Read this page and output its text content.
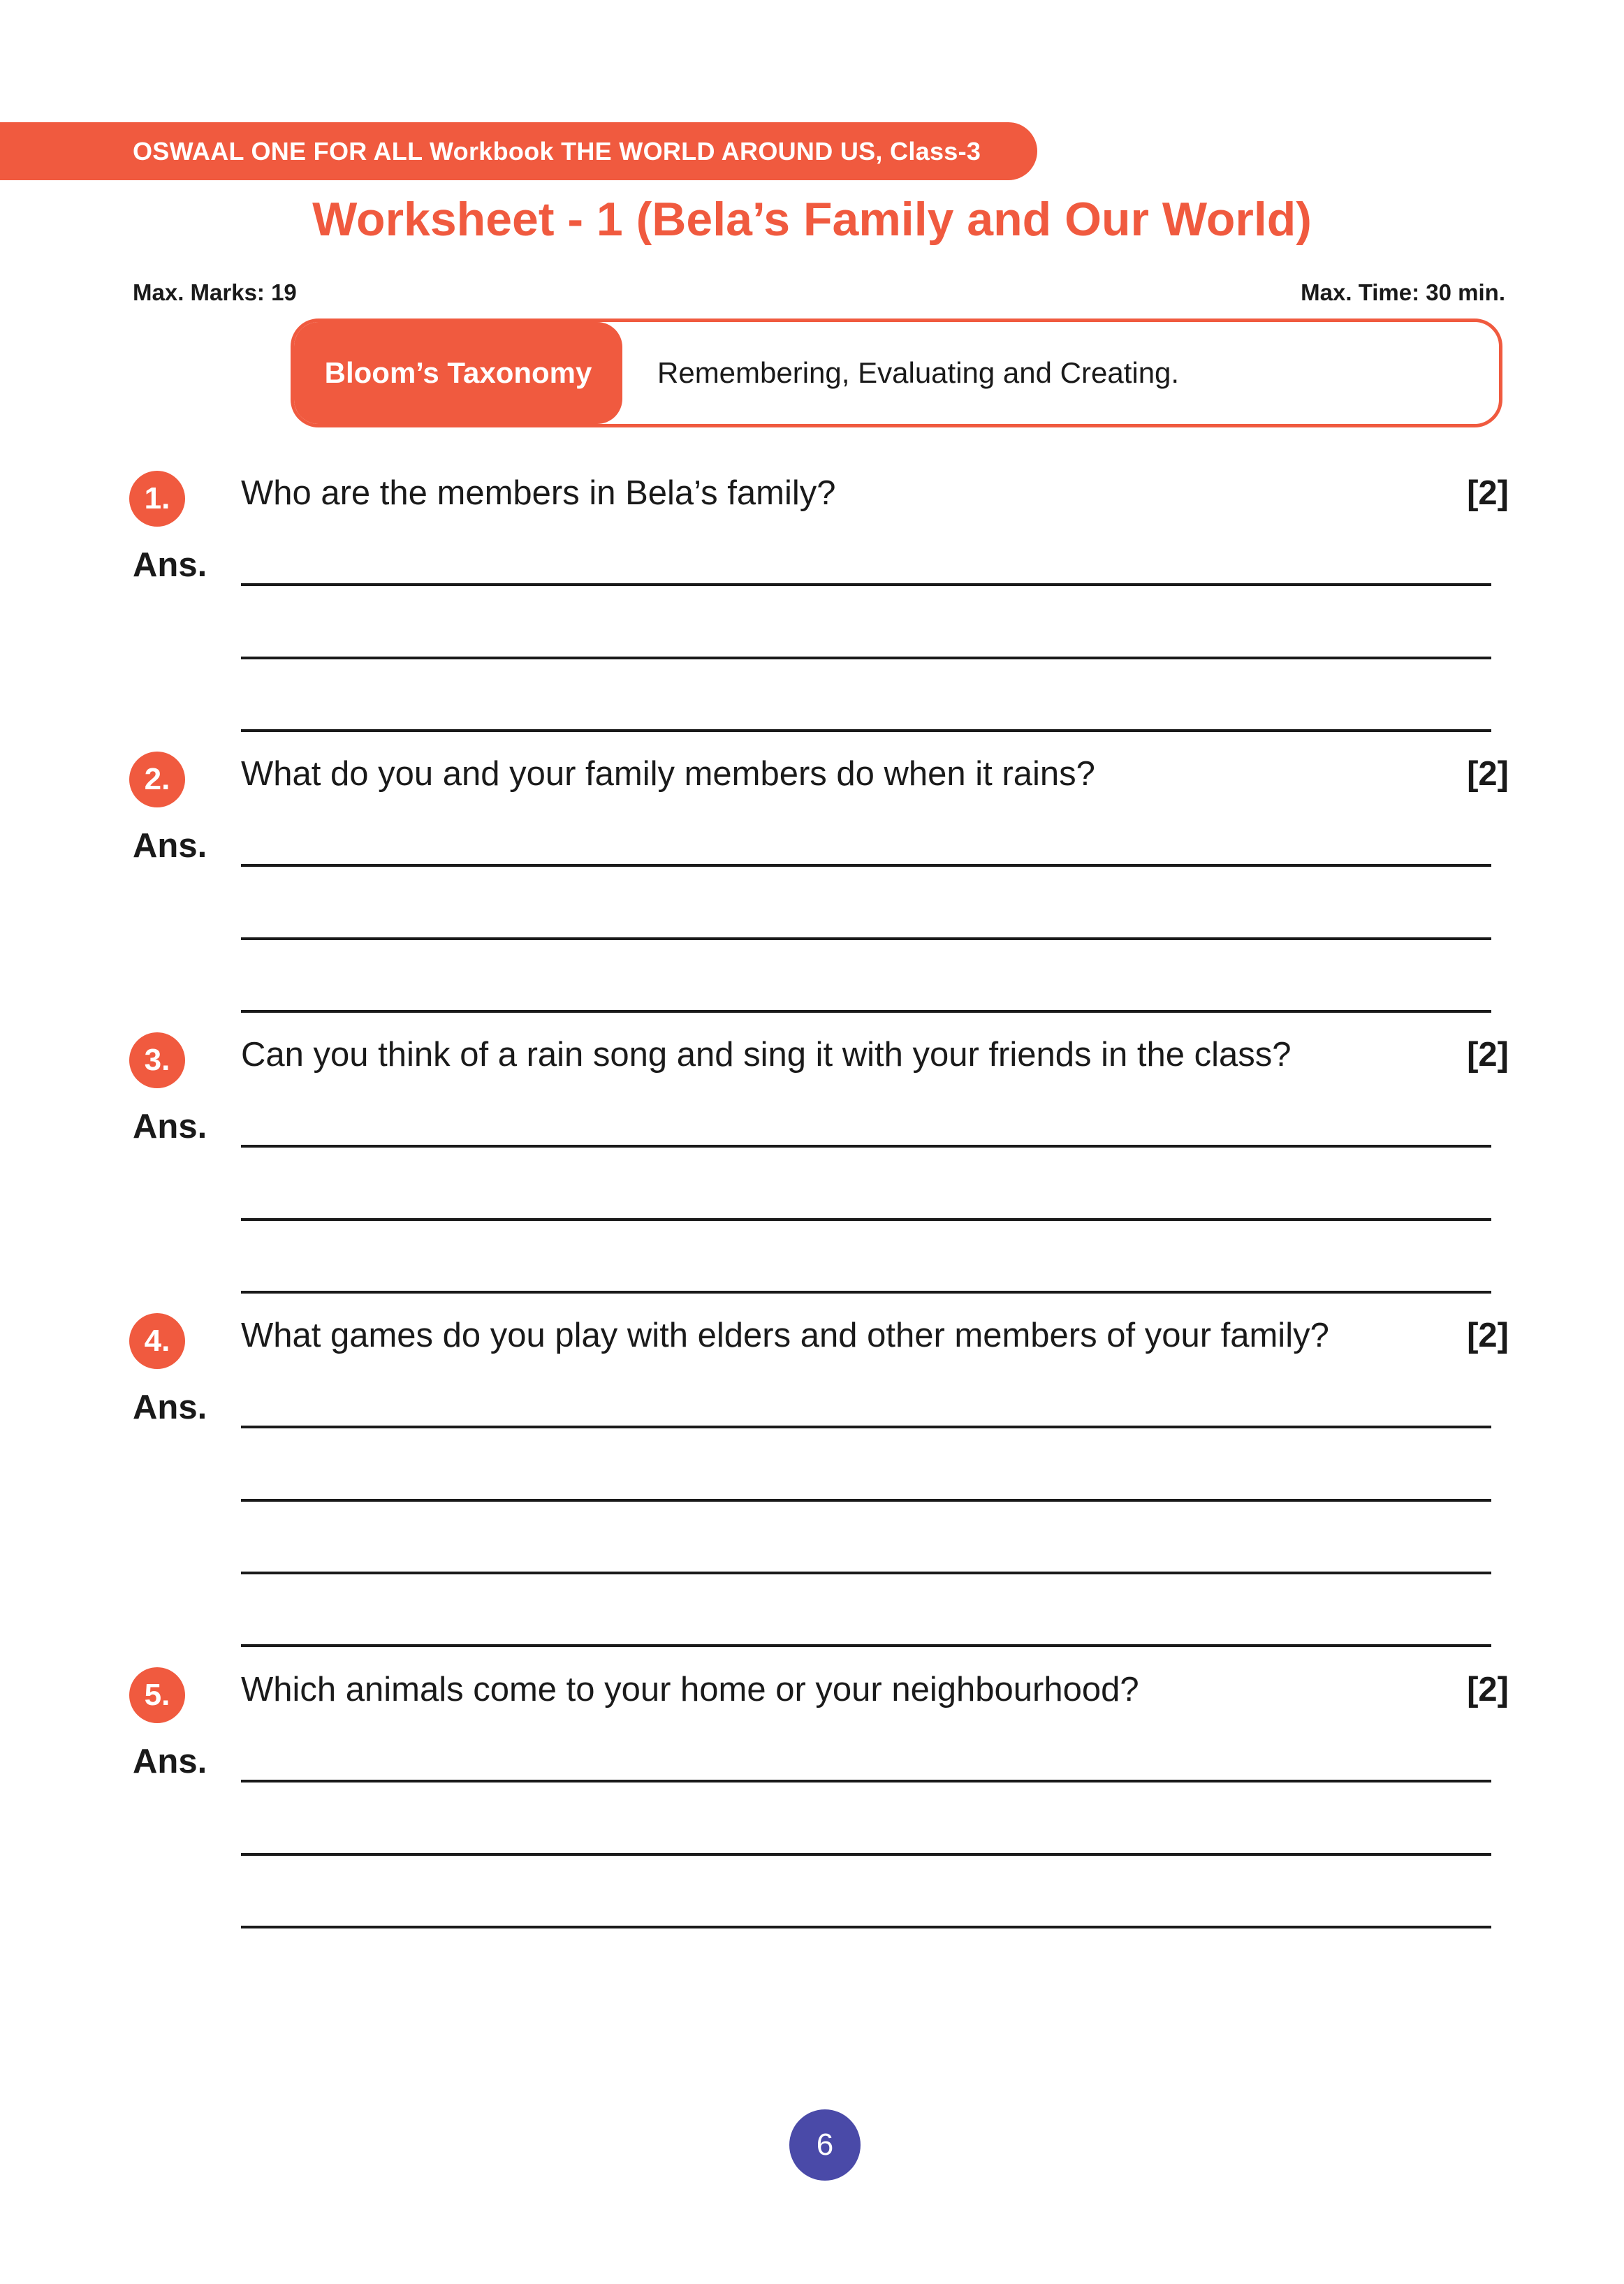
OSWAAL ONE FOR ALL Workbook THE WORLD AROUND US, Class-3
Worksheet - 1 (Bela’s Family and Our World)
Max. Marks: 19	Max. Time: 30 min.
Bloom’s Taxonomy	Remembering, Evaluating and Creating.
1.	Who are the members in Bela’s family?	[2]
Ans.
2.	What do you and your family members do when it rains?	[2]
Ans.
3.	Can you think of a rain song and sing it with your friends in the class?	[2]
Ans.
4.	What games do you play with elders and other members of your family?	[2]
Ans.
5.	Which animals come to your home or your neighbourhood?	[2]
Ans.
6
